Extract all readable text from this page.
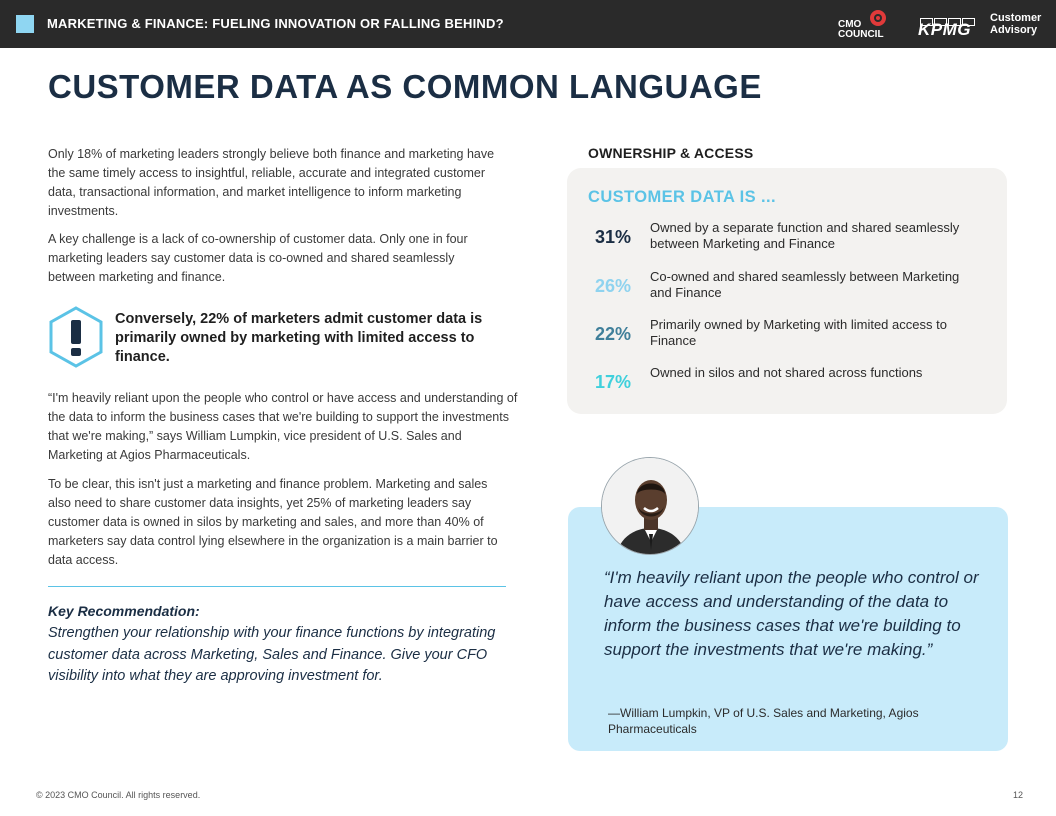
MARKETING & FINANCE: FUELING INNOVATION OR FALLING BEHIND?	CMO
COUNCIL KPMG
Customer
Advisory
CUSTOMER DATA AS COMMON LANGUAGE

Only 18% of marketing leaders strongly believe both finance and marketing have the same timely access to insightful, reliable, accurate and integrated customer data, transactional information, and market intelligence to inform marketing investments.

A key challenge is a lack of co-ownership of customer data. Only one in four marketing leaders say customer data is co-owned and shared seamlessly between marketing and finance.

Conversely, 22% of marketers admit customer data is primarily owned by marketing with limited access to finance.

“I'm heavily reliant upon the people who control or have access and understanding of the data to inform the business cases that we're building to support the investments that we're making,” says William Lumpkin, vice president of U.S. Sales and Marketing at Agios Pharmaceuticals.

To be clear, this isn't just a marketing and finance problem. Marketing and sales also need to share customer data insights, yet 25% of marketing leaders say customer data is owned in silos by marketing and sales, and more than 40% of marketers say data control lying elsewhere in the organization is a main barrier to data access.

Key Recommendation:
Strengthen your relationship with your finance functions by integrating customer data across Marketing, Sales and Finance. Give your CFO visibility into what they are approving investment for.
OWNERSHIP & ACCESS
CUSTOMER DATA IS ...
31% Owned by a separate function and shared seamlessly between Marketing and Finance
26% Co-owned and shared seamlessly between Marketing and Finance
22% Primarily owned by Marketing with limited access to Finance
17% Owned in silos and not shared across functions
“I'm heavily reliant upon the people who control or have access and understanding of the data to inform the business cases that we're building to support the investments that we're making.”
—William Lumpkin, VP of U.S. Sales and Marketing, Agios Pharmaceuticals
© 2023 CMO Council. All rights reserved.	12
